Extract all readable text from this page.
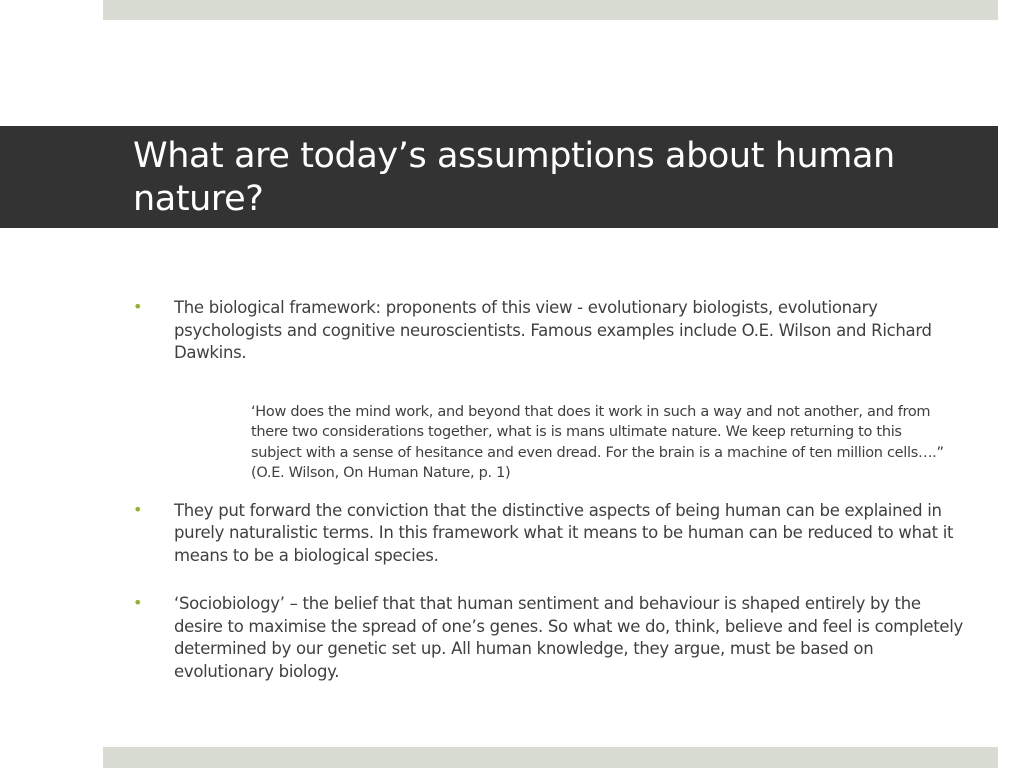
What are today’s assumptions about human nature?
• The biological framework: proponents of this view - evolutionary biologists, evolutionary psychologists and cognitive neuroscientists. Famous examples include O.E. Wilson and Richard Dawkins.
‘How does the mind work, and beyond that does it work in such a way and not another, and from there two considerations together, what is is mans ultimate nature. We keep returning to this subject with a sense of hesitance and even dread. For the brain is a machine of ten million cells….” (O.E. Wilson, On Human Nature, p. 1)
• They put forward the conviction that the distinctive aspects of being human can be explained in purely naturalistic terms. In this framework what it means to be human can be reduced to what it means to be a biological species.
• ‘Sociobiology’ – the belief that that human sentiment and behaviour is shaped entirely by the desire to maximise the spread of one’s genes. So what we do, think, believe and feel is completely determined by our genetic set up. All human knowledge, they argue, must be based on evolutionary biology.
